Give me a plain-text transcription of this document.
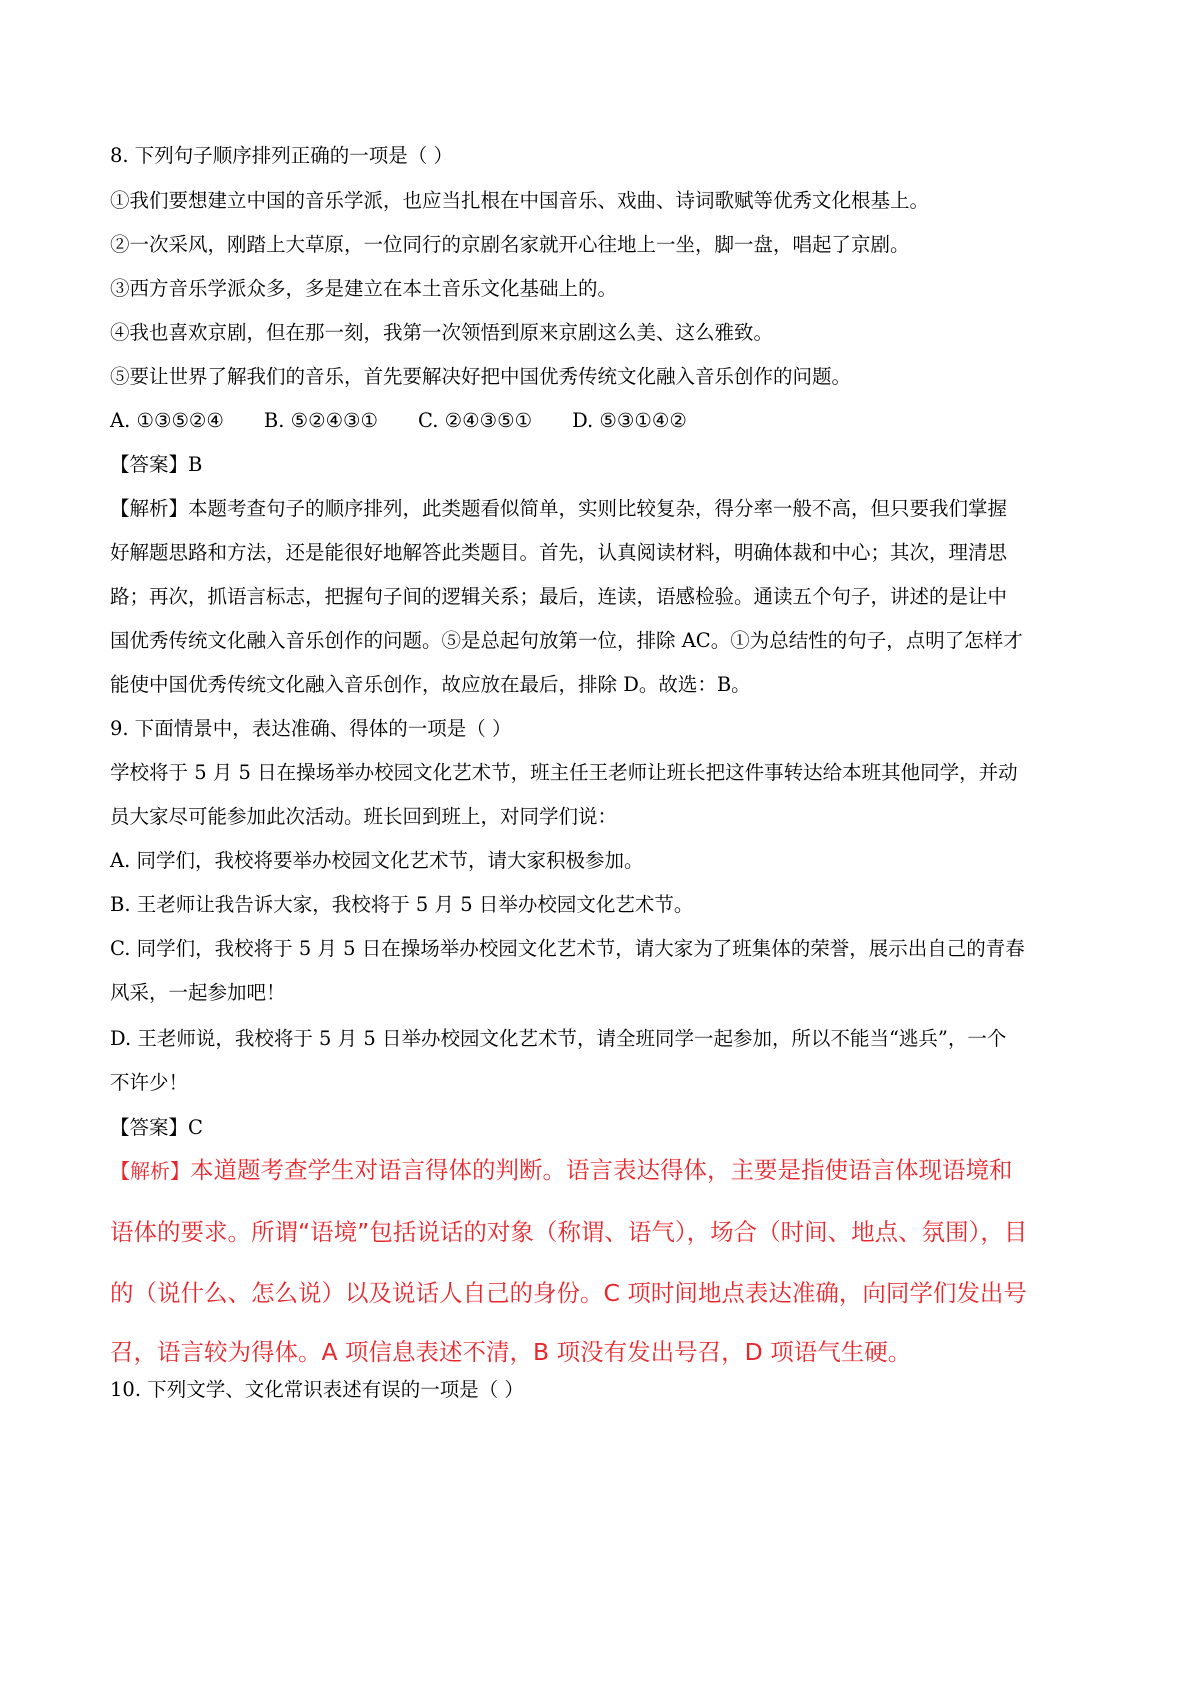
8. 下列句子顺序排列正确的一项是（ ）
①我们要想建立中国的音乐学派，也应当扎根在中国音乐、戏曲、诗词歌赋等优秀文化根基上。
②一次采风，刚踏上大草原，一位同行的京剧名家就开心往地上一坐，脚一盘，唱起了京剧。
③西方音乐学派众多，多是建立在本土音乐文化基础上的。
④我也喜欢京剧，但在那一刻，我第一次领悟到原来京剧这么美、这么雅致。
⑤要让世界了解我们的音乐，首先要解决好把中国优秀传统文化融入音乐创作的问题。
A. ①③⑤②④ B. ⑤②④③① C. ②④③⑤① D. ⑤③①④②
【答案】B
【解析】本题考查句子的顺序排列，此类题看似简单，实则比较复杂，得分率一般不高，但只要我们掌握
好解题思路和方法，还是能很好地解答此类题目。首先，认真阅读材料，明确体裁和中心；其次，理清思
路；再次，抓语言标志，把握句子间的逻辑关系；最后，连读，语感检验。通读五个句子，讲述的是让中
国优秀传统文化融入音乐创作的问题。⑤是总起句放第一位，排除 AC。①为总结性的句子，点明了怎样才
能使中国优秀传统文化融入音乐创作，故应放在最后，排除 D。故选：B。
9. 下面情景中，表达准确、得体的一项是（ ）
学校将于 5 月 5 日在操场举办校园文化艺术节，班主任王老师让班长把这件事转达给本班其他同学，并动
员大家尽可能参加此次活动。班长回到班上，对同学们说：
A. 同学们，我校将要举办校园文化艺术节，请大家积极参加。
B. 王老师让我告诉大家，我校将于 5 月 5 日举办校园文化艺术节。
C. 同学们，我校将于 5 月 5 日在操场举办校园文化艺术节，请大家为了班集体的荣誉，展示出自己的青春
风采，一起参加吧！
D. 王老师说，我校将于 5 月 5 日举办校园文化艺术节，请全班同学一起参加，所以不能当“逃兵”，一个
不许少！
【答案】C
【解析】本道题考查学生对语言得体的判断。语言表达得体，主要是指使语言体现语境和
语体的要求。所谓“语境”包括说话的对象（称谓、语气），场合（时间、地点、氛围），目
的（说什么、怎么说）以及说话人自己的身份。C 项时间地点表达准确，向同学们发出号
召，语言较为得体。A 项信息表述不清，B 项没有发出号召，D 项语气生硬。
10. 下列文学、文化常识表述有误的一项是（ ）
